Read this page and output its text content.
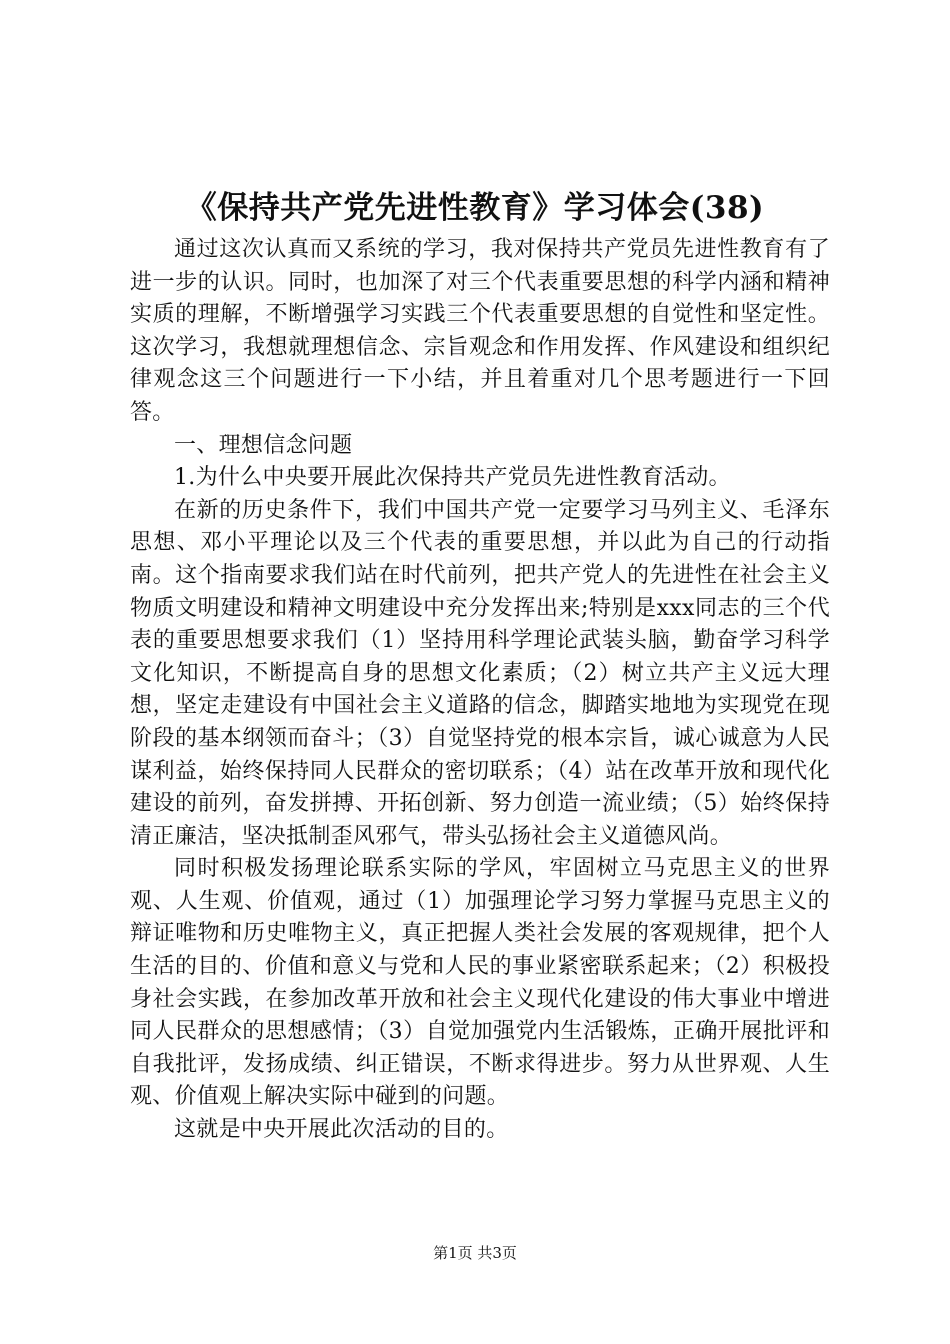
《保持共产党先进性教育》学习体会(38)

通过这次认真而又系统的学习，我对保持共产党员先进性教育有了进一步的认识。同时，也加深了对三个代表重要思想的科学内涵和精神实质的理解，不断增强学习实践三个代表重要思想的自觉性和坚定性。这次学习，我想就理想信念、宗旨观念和作用发挥、作风建设和组织纪律观念这三个问题进行一下小结，并且着重对几个思考题进行一下回答。

一、理想信念问题

1.为什么中央要开展此次保持共产党员先进性教育活动。

在新的历史条件下，我们中国共产党一定要学习马列主义、毛泽东思想、邓小平理论以及三个代表的重要思想，并以此为自己的行动指南。这个指南要求我们站在时代前列，把共产党人的先进性在社会主义物质文明建设和精神文明建设中充分发挥出来;特别是xxx同志的三个代表的重要思想要求我们（1）坚持用科学理论武装头脑，勤奋学习科学文化知识，不断提高自身的思想文化素质；（2）树立共产主义远大理想，坚定走建设有中国社会主义道路的信念，脚踏实地地为实现党在现阶段的基本纲领而奋斗；（3）自觉坚持党的根本宗旨，诚心诚意为人民谋利益，始终保持同人民群众的密切联系；（4）站在改革开放和现代化建设的前列，奋发拼搏、开拓创新、努力创造一流业绩；（5）始终保持清正廉洁，坚决抵制歪风邪气，带头弘扬社会主义道德风尚。

同时积极发扬理论联系实际的学风，牢固树立马克思主义的世界观、人生观、价值观，通过（1）加强理论学习努力掌握马克思主义的辩证唯物和历史唯物主义，真正把握人类社会发展的客观规律，把个人生活的目的、价值和意义与党和人民的事业紧密联系起来；（2）积极投身社会实践，在参加改革开放和社会主义现代化建设的伟大事业中增进同人民群众的思想感情；（3）自觉加强党内生活锻炼，正确开展批评和自我批评，发扬成绩、纠正错误，不断求得进步。努力从世界观、人生观、价值观上解决实际中碰到的问题。

这就是中央开展此次活动的目的。

第1页 共3页
